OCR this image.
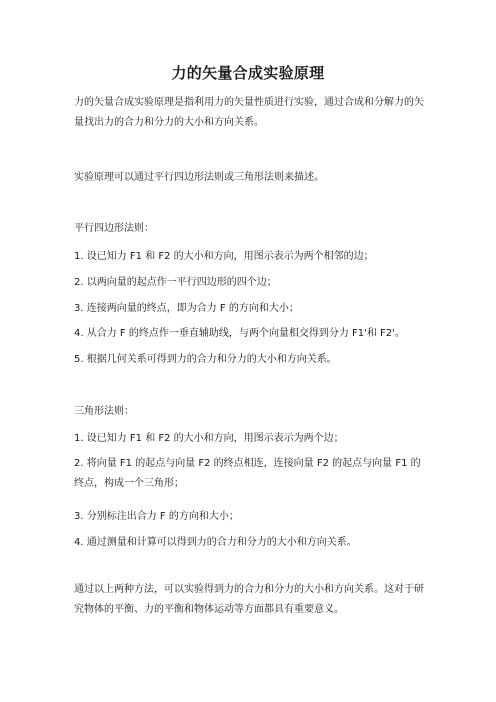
力的矢量合成实验原理

力的矢量合成实验原理是指利用力的矢量性质进行实验，通过合成和分解力的矢量找出力的合力和分力的大小和方向关系。

实验原理可以通过平行四边形法则或三角形法则来描述。

平行四边形法则：

1. 设已知力 F1 和 F2 的大小和方向，用图示表示为两个相邻的边；

2. 以两向量的起点作一平行四边形的四个边；

3. 连接两向量的终点，即为合力 F 的方向和大小；

4. 从合力 F 的终点作一垂直辅助线，与两个向量相交得到分力 F1'和 F2'。

5. 根据几何关系可得到力的合力和分力的大小和方向关系。

三角形法则：

1. 设已知力 F1 和 F2 的大小和方向，用图示表示为两个边；

2. 将向量 F1 的起点与向量 F2 的终点相连，连接向量 F2 的起点与向量 F1 的终点，构成一个三角形；

3. 分别标注出合力 F 的方向和大小；

4. 通过测量和计算可以得到力的合力和分力的大小和方向关系。

通过以上两种方法，可以实验得到力的合力和分力的大小和方向关系。这对于研究物体的平衡、力的平衡和物体运动等方面都具有重要意义。
